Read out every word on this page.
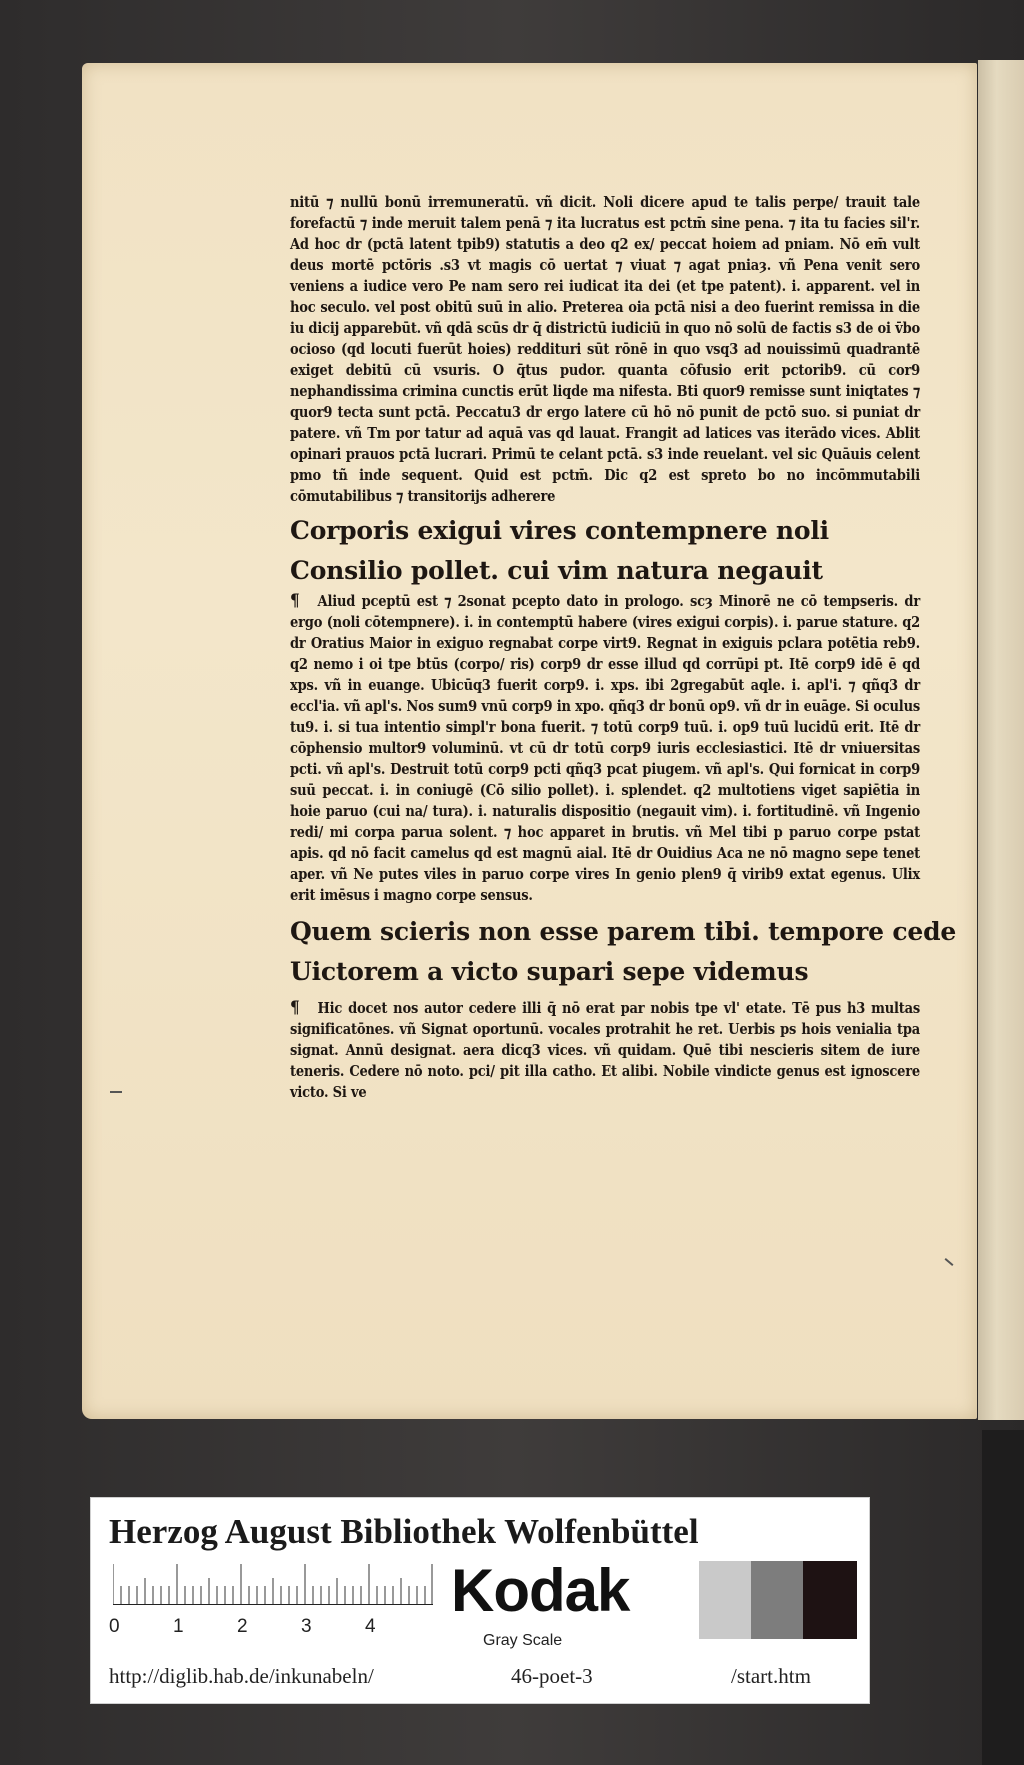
nitū ⁊ nullū bonū irremuneratū. vñ dicit. Noli dicere apud te talis perpe/ trauit tale forefactū ⁊ inde meruit talem penā ⁊ ita lucratus est pctm̄ sine pena. ⁊ ita tu facies sil'r. Ad hoc dr (pctā latent tpib9) statutis a deo q2 ex/ peccat hoiem ad pniam. Nō em̄ vult deus mortē pctōris .s3 vt magis cō uertat ⁊ viuat ⁊ agat pniaȝ. vñ Pena venit sero veniens a iudice vero Pe nam sero rei iudicat ita dei (et tpe patent). i. apparent. vel in hoc seculo. vel post obitū suū in alio. Preterea oia pctā nisi a deo fuerint remissa in die iu dicij apparebūt. vñ qdā scūs dr q̄ districtū iudiciū in quo nō solū de factis s3 de oi v̄bo ocioso (qd locuti fuerūt hoies) reddituri sūt rōnē in quo vsq3 ad nouissimū quadrantē exiget debitū cū vsuris. O q̄tus pudor. quanta cōfusio erit pctorib9. cū cor9 nephandissima crimina cunctis erūt liqde ma nifesta. Bti quor9 remisse sunt iniqtates ⁊ quor9 tecta sunt pctā. Peccatu3 dr ergo latere cū hō nō punit de pctō suo. si puniat dr patere. vñ Tm por tatur ad aquā vas qd lauat. Frangit ad latices vas iterādo vices. Ablit opinari prauos pctā lucrari. Primū te celant pctā. s3 inde reuelant. vel sic Quāuis celent pmo tñ inde sequent. Quid est pctm̄. Dic q2 est spreto bo no incōmmutabili cōmutabilibus ⁊ transitorijs adherere

Corporis exigui vires contempnere noli

Consilio pollet. cui vim natura negauit

¶ Aliud pceptū est ⁊ 2sonat pcepto dato in prologo. scȝ Minorē ne cō tempseris. dr ergo (noli cōtempnere). i. in contemptū habere (vires exigui corpis). i. parue stature. q2 dr Oratius Maior in exiguo regnabat corpe virt9. Regnat in exiguis pclara potētia reb9. q2 nemo i oi tpe btūs (corpo/ ris) corp9 dr esse illud qd corrūpi pt. Itē corp9 idē ē qd xps. vñ in euange. Ubicūq3 fuerit corp9. i. xps. ibi 2gregabūt aqle. i. apl'i. ⁊ qñq3 dr eccl'ia. vñ apl's. Nos sum9 vnū corp9 in xpo. qñq3 dr bonū op9. vñ dr in euāge. Si oculus tu9. i. si tua intentio simpl'r bona fuerit. ⁊ totū corp9 tuū. i. op9 tuū lucidū erit. Itē dr cōphensio multor9 voluminū. vt cū dr totū corp9 iuris ecclesiastici. Itē dr vniuersitas pcti. vñ apl's. Destruit totū corp9 pcti qñq3 pcat piugem. vñ apl's. Qui fornicat in corp9 suū peccat. i. in coniugē (Cō silio pollet). i. splendet. q2 multotiens viget sapiētia in hoie paruo (cui na/ tura). i. naturalis dispositio (negauit vim). i. fortitudinē. vñ Ingenio redi/ mi corpa parua solent. ⁊ hoc apparet in brutis. vñ Mel tibi p paruo corpe pstat apis. qd nō facit camelus qd est magnū aial. Itē dr Ouidius Aca ne nō magno sepe tenet aper. vñ Ne putes viles in paruo corpe vires In genio plen9 q̄ virib9 extat egenus. Ulix erit imēsus i magno corpe sensus.

Quem scieris non esse parem tibi. tempore cede

Uictorem a victo supari sepe videmus

¶ Hic docet nos autor cedere illi q̄ nō erat par nobis tpe vl' etate. Tē pus h3 multas significatōnes. vñ Signat oportunū. vocales protrahit he ret. Uerbis ps hois venialia tpa signat. Annū designat. aera dicq3 vices. vñ quidam. Quē tibi nescieris sitem de iure teneris. Cedere nō noto. pci/ pit illa catho. Et alibi. Nobile vindicte genus est ignoscere victo. Si ve

Herzog August Bibliothek Wolfenbüttel
0	1	2	3	4
Kodak
Gray Scale
http://diglib.hab.de/inkunabeln/	46-poet-3	/start.htm
